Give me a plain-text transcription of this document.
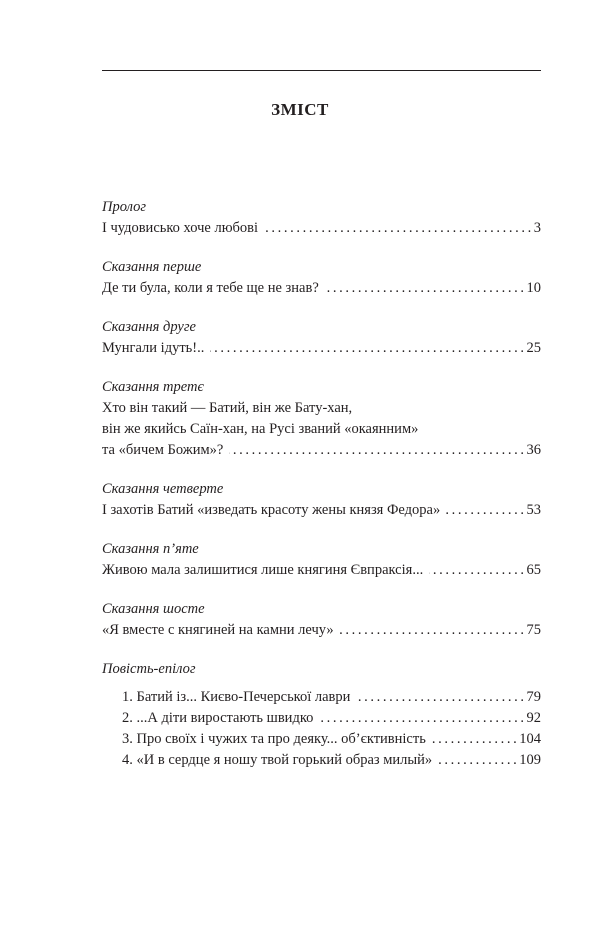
ЗМІСТ
Пролог
І чудовисько хоче любові . . .	3
Сказання перше
Де ти була, коли я тебе ще не знав? . . .	10
Сказання друге
Мунгали ідуть!.. . . .	25
Сказання третє
Хто він такий — Батий, він же Бату-хан,
він же якийсь Саїн-хан, на Русі званий «окаянним»
та «бичем Божим»? . . .	36
Сказання четверте
І захотів Батий «изведать красоту жены князя Федора» . . .	53
Сказання п’яте
Живою мала залишитися лише княгиня Євпраксія... . . .	65
Сказання шосте
«Я вместе с княгиней на камни лечу» . . .	75
Повість-епілог
1. Батий із... Києво-Печерської лаври . . .	79
2. ...А діти виростають швидко . . .	92
3. Про своїх і чужих та про деяку... об’єктивність . . .	104
4. «И в сердце я ношу твой горький образ милый» . . .	109
